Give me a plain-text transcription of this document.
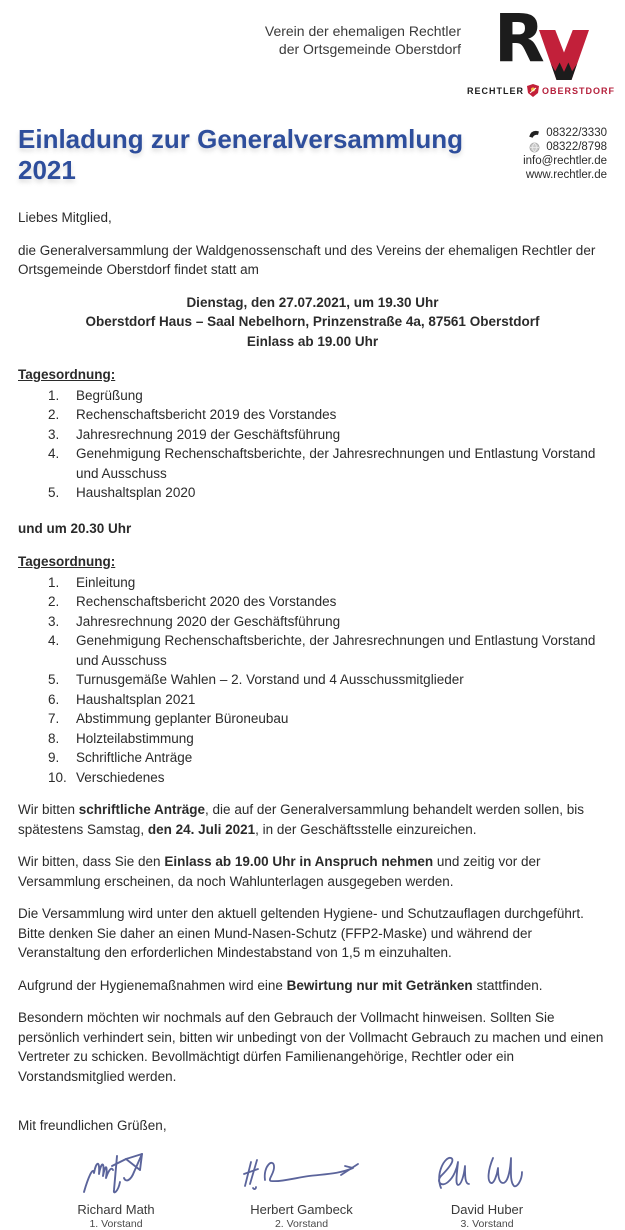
Verein der ehemaligen Rechtler
der Ortsgemeinde Oberstdorf R
RECHTLER OBERSTDORF
Einladung zur Generalversammlung 2021
08322/3330
08322/8798
info@rechtler.de
www.rechtler.de

Liebes Mitglied,

die Generalversammlung der Waldgenossenschaft und des Vereins der ehemaligen Rechtler der Ortsgemeinde Oberstdorf findet statt am

Dienstag, den 27.07.2021, um 19.30 Uhr
Oberstdorf Haus – Saal Nebelhorn, Prinzenstraße 4a, 87561 Oberstdorf
Einlass ab 19.00 Uhr
Tagesordnung:
Begrüßung
Rechenschaftsbericht 2019 des Vorstandes
Jahresrechnung 2019 der Geschäftsführung
Genehmigung Rechenschaftsberichte, der Jahresrechnungen und Entlastung Vorstand und Ausschuss
Haushaltsplan 2020
und um 20.30 Uhr
Tagesordnung:
Einleitung
Rechenschaftsbericht 2020 des Vorstandes
Jahresrechnung 2020 der Geschäftsführung
Genehmigung Rechenschaftsberichte, der Jahresrechnungen und Entlastung Vorstand und Ausschuss
Turnusgemäße Wahlen – 2. Vorstand und 4 Ausschussmitglieder
Haushaltsplan 2021
Abstimmung geplanter Büroneubau
Holzteilabstimmung
Schriftliche Anträge
Verschiedenes

Wir bitten schriftliche Anträge, die auf der Generalversammlung behandelt werden sollen, bis spätestens Samstag, den 24. Juli 2021, in der Geschäftsstelle einzureichen.

Wir bitten, dass Sie den Einlass ab 19.00 Uhr in Anspruch nehmen und zeitig vor der Versammlung erscheinen, da noch Wahlunterlagen ausgegeben werden.

Die Versammlung wird unter den aktuell geltenden Hygiene- und Schutzauflagen durchgeführt. Bitte denken Sie daher an einen Mund-Nasen-Schutz (FFP2-Maske) und während der Veranstaltung den erforderlichen Mindestabstand von 1,5 m einzuhalten.

Aufgrund der Hygienemaßnahmen wird eine Bewirtung nur mit Getränken stattfinden.

Besondern möchten wir nochmals auf den Gebrauch der Vollmacht hinweisen. Sollten Sie persönlich verhindert sein, bitten wir unbedingt von der Vollmacht Gebrauch zu machen und einen Vertreter zu schicken. Bevollmächtigt dürfen Familienangehörige, Rechtler oder ein Vorstandsmitglied werden.

Mit freundlichen Grüßen,

Richard Math
1. Vorstand
Herbert Gambeck
2. Vorstand
David Huber
3. Vorstand
